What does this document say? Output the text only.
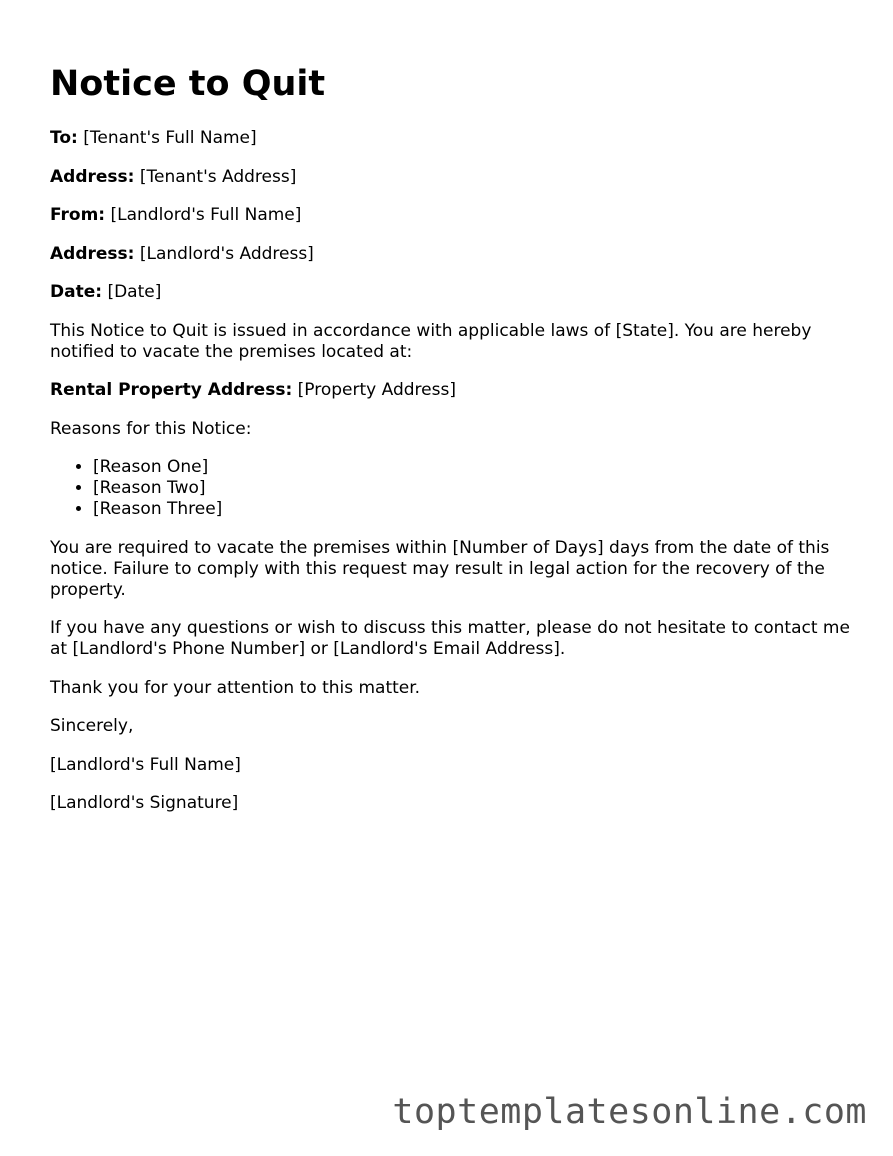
Notice to Quit

To: [Tenant's Full Name]

Address: [Tenant's Address]

From: [Landlord's Full Name]

Address: [Landlord's Address]

Date: [Date]

This Notice to Quit is issued in accordance with applicable laws of [State]. You are hereby notified to vacate the premises located at:

Rental Property Address: [Property Address]

Reasons for this Notice:

• [Reason One]
• [Reason Two]
• [Reason Three]

You are required to vacate the premises within [Number of Days] days from the date of this notice. Failure to comply with this request may result in legal action for the recovery of the property.

If you have any questions or wish to discuss this matter, please do not hesitate to contact me at [Landlord's Phone Number] or [Landlord's Email Address].

Thank you for your attention to this matter.

Sincerely,

[Landlord's Full Name]

[Landlord's Signature]

toptemplatesonline.com
